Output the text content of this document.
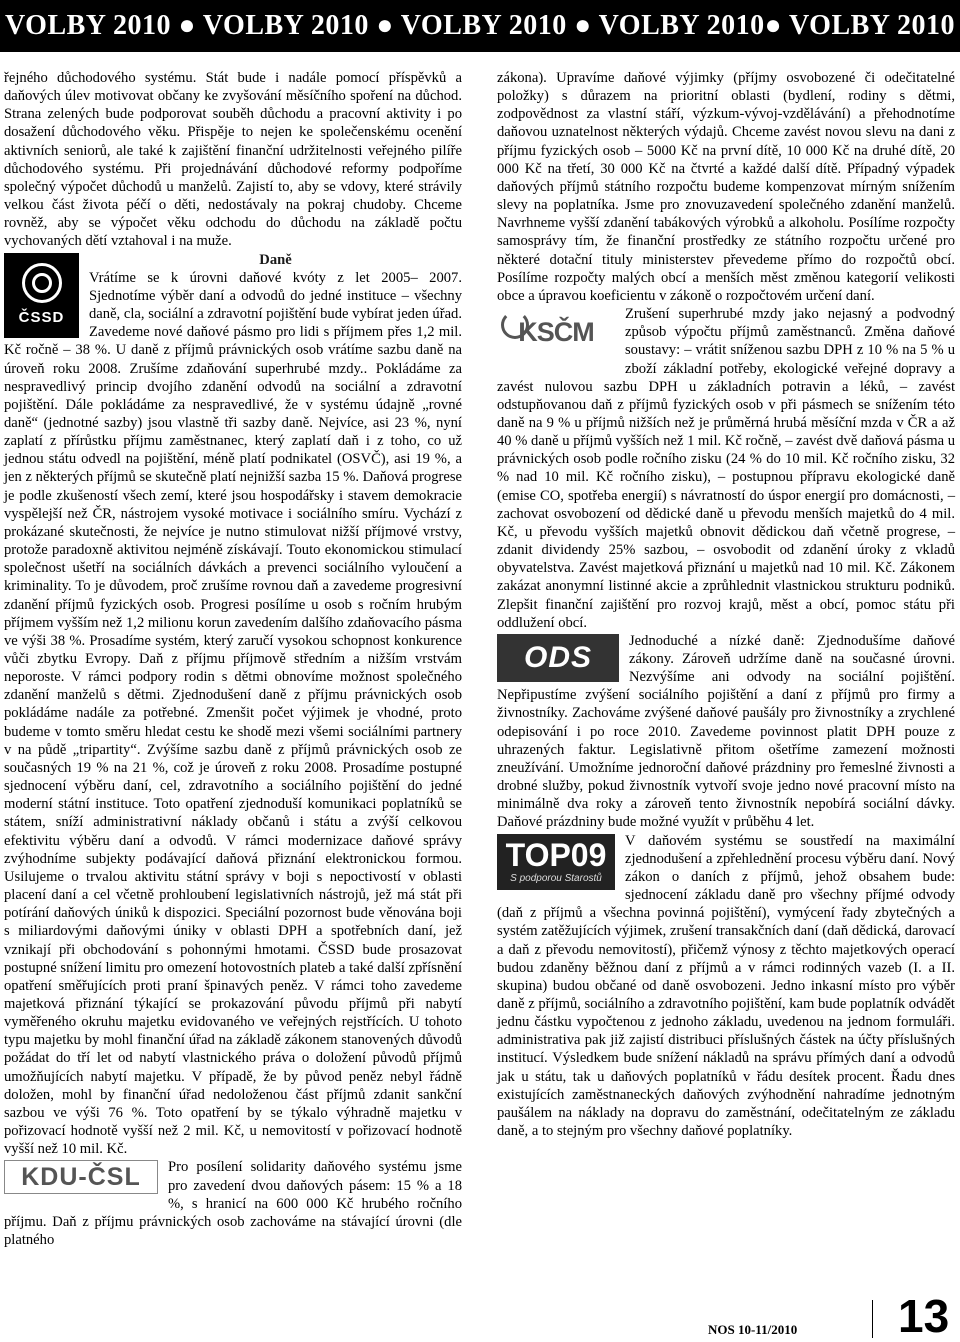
VOLBY 2010 ● VOLBY 2010 ● VOLBY 2010 ● VOLBY 2010● VOLBY 2010

řejného důchodového systému. Stát bude i nadále pomocí příspěvků a daňových úlev motivovat občany ke zvyšování měsíčního spoření na důchod. Strana zelených bude podporovat souběh důchodu a pracovní aktivity i po dosažení důchodového věku. Přispěje to nejen ke společenskému ocenění aktivních seniorů, ale také k zajištění finanční udržitelnosti veřejného pilíře důchodového systému. Při projednávání důchodové reformy podpoříme společný výpočet důchodů u manželů. Zajistí to, aby se vdovy, které strávily velkou část života péčí o děti, nedostávaly na pokraj chudoby. Chceme rovněž, aby se výpočet věku odchodu do důchodu na základě počtu vychovaných dětí vztahoval i na muže.

ČSSD

Daně

Vrátíme se k úrovni daňové kvóty z let 2005– 2007. Sjednotíme výběr daní a odvodů do jedné instituce – všechny daně, cla, sociální a zdravotní pojištění bude vybírat jeden úřad. Zavedeme nové daňové pásmo pro lidi s příjmem přes 1,2 mil. Kč ročně – 38 %. U daně z příjmů právnických osob vrátíme sazbu daně na úroveň roku 2008. Zrušíme zdaňování superhrubé mzdy.. Pokládáme za nespravedlivý princip dvojího zdanění odvodů na sociální a zdravotní pojištění. Dále pokládáme za nespravedlivé, že v systému údajně „rovné daně“ (jednotné sazby) jsou vlastně tři sazby daně. Nejvíce, asi 23 %, nyní zaplatí z přírůstku příjmu zaměstnanec, který zaplatí daň i z toho, co už jednou státu odvedl na pojištění, méně platí podnikatel (OSVČ), asi 19 %, a jen z některých příjmů se skutečně platí nejnižší sazba 15 %. Daňová progrese je podle zkušeností všech zemí, které jsou hospodářsky i stavem demokracie vyspělejší než ČR, nástrojem vysoké motivace i sociálního smíru. Vychází z prokázané skutečnosti, že nejvíce je nutno stimulovat nižší příjmové vrstvy, protože paradoxně aktivitou nejméně získávají. Touto ekonomickou stimulací společnost ušetří na sociálních dávkách a prevenci sociálního vyloučení a kriminality. To je důvodem, proč zrušíme rovnou daň a zavedeme progresivní zdanění příjmů fyzických osob. Progresi posílíme u osob s ročním hrubým příjmem vyšším než 1,2 milionu korun zavedením dalšího zdaňovacího pásma ve výši 38 %. Prosadíme systém, který zaručí vysokou schopnost konkurence vůči zbytku Evropy. Daň z příjmu příjmově středním a nižším vrstvám neporoste. V rámci podpory rodin s dětmi obnovíme možnost společného zdanění manželů s dětmi. Zjednodušení daně z příjmu právnických osob pokládáme nadále za potřebné. Zmenšit počet výjimek je vhodné, proto budeme v tomto směru hledat cestu ke shodě mezi všemi sociálními partnery v na půdě „tripartity“. Zvýšíme sazbu daně z příjmů právnických osob ze současných 19 % na 21 %, což je úroveň z roku 2008. Prosadíme postupné sjednocení výběru daní, cel, zdravotního a sociálního pojištění do jedné moderní státní instituce. Toto opatření zjednoduší komunikaci poplatníků se státem, sníží administrativní náklady občanů i státu a zvýší celkovou efektivitu výběru daní a odvodů. V rámci modernizace daňové správy zvýhodníme subjekty podávající daňová přiznání elektronickou formou. Usilujeme o trvalou aktivitu státní správy v boji s nepoctivostí v oblasti placení daní a cel včetně prohloubení legislativních nástrojů, jež má stát při potírání daňových úniků k dispozici. Speciální pozornost bude věnována boji s miliardovými daňovými úniky v oblasti DPH a spotřebních daní, jež vznikají při obchodování s pohonnými hmotami. ČSSD bude prosazovat postupné snížení limitu pro omezení hotovostních plateb a také další zpřísnění opatření směřujících proti praní špinavých peněz. V rámci toho zavedeme majetková přiznání týkající se prokazování původu příjmů při nabytí vyměřeného okruhu majetku evidovaného ve veřejných rejstřících. U tohoto typu majetku by mohl finanční úřad na základě zákonem stanovených důvodů požádat do tří let od nabytí vlastnického práva o doložení původů příjmů umožňujících nabytí majetku. V případě, že by původ peněz nebyl řádně doložen, mohl by finanční úřad nedoloženou část příjmů zdanit sankční sazbou ve výši 76 %. Toto opatření by se týkalo výhradně majetku v pořizovací hodnotě vyšší než 2 mil. Kč, u nemovitostí v pořizovací hodnotě vyšší než 10 mil. Kč.

KDU-ČSL	Pro posílení solidarity daňového systému jsme pro zavedení dvou daňových pásem: 15 % a 18 %, s hranicí na 600 000 Kč hrubého ročního příjmu. Daň z příjmu právnických osob zachováme na stávající úrovni (dle platného

zákona). Upravíme daňové výjimky (příjmy osvobozené či odečitatelné položky) s důrazem na prioritní oblasti (bydlení, rodiny s dětmi, zodpovědnost za vlastní stáří, výzkum-vývoj-vzdělávání) a přehodnotíme daňovou uznatelnost některých výdajů. Chceme zavést novou slevu na dani z příjmu fyzických osob – 5000 Kč na první dítě, 10 000 Kč na druhé dítě, 20 000 Kč na třetí, 30 000 Kč na čtvrté a každé další dítě. Případný výpadek daňových příjmů státního rozpočtu budeme kompenzovat mírným snížením slevy na poplatníka. Jsme pro znovuzavedení společného zdanění manželů. Navrhneme vyšší zdanění tabákových výrobků a alkoholu. Posílíme rozpočty samosprávy tím, že finanční prostředky ze státního rozpočtu určené pro některé dotační tituly ministerstev převedeme přímo do rozpočtů obcí. Posílíme rozpočty malých obcí a menších měst změnou kategorií velikosti obce a úpravou koeficientu v zákoně o rozpočtovém určení daní.

KSČM

Zrušení superhrubé mzdy jako nejasný a podvodný způsob výpočtu příjmů zaměstnanců. Změna daňové soustavy: – vrátit sníženou sazbu DPH z 10 % na 5 % u zboží základní potřeby, ekologické veřejné dopravy a zavést nulovou sazbu DPH u základních potravin a léků, – zavést odstupňovanou daň z příjmů fyzických osob v při pásmech se snížením této daně na 9 % u příjmů nižších než je průměrná hrubá měsíční mzda v ČR a až 40 % daně u příjmů vyšších než 1 mil. Kč ročně, – zavést dvě daňová pásma u právnických osob podle ročního zisku (24 % do 10 mil. Kč ročního zisku, 32 % nad 10 mil. Kč ročního zisku), – postupnou přípravu ekologické daně (emise CO, spotřeba energií) s návratností do úspor energií pro domácnosti, – zachovat osvobození od dědické daně u převodu menších majetků do 4 mil. Kč, u převodu vyšších majetků obnovit dědickou daň včetně progrese, – zdanit dividendy 25% sazbou, – osvobodit od zdanění úroky z vkladů obyvatelstva. Zavést majetková přiznání u majetků nad 10 mil. Kč. Zákonem zakázat anonymní listinné akcie a zprůhlednit vlastnickou strukturu podniků. Zlepšit finanční zajištění pro rozvoj krajů, měst a obcí, pomoc státu při oddlužení obcí.

ODS	Jednoduché a nízké daně: Zjednodušíme daňové zákony. Zároveň udržíme daně na současné úrovni. Nezvýšíme ani odvody na sociální pojištění. Nepřipustíme zvýšení sociálního pojištění a daní z příjmů pro firmy a živnostníky. Zachováme zvýšené daňové paušály pro živnostníky a zrychlené odepisování i po roce 2010. Zavedeme povinnost platit DPH pouze z uhrazených faktur. Legislativně přitom ošetříme zamezení možnosti zneužívání. Umožníme jednoroční daňové prázdniny pro řemeslné živnosti a drobné služby, pokud živnostník vytvoří svoje jedno nové pracovní místo na minimálně dva roky a zároveň tento živnostník nepobírá sociální dávky. Daňové prázdniny bude možné využít v průběhu 4 let.

TOP09
S podporou Starostů

V daňovém systému se soustředí na maximální zjednodušení a zpřehlednění procesu výběru daní. Nový zákon o daních z příjmů, jehož obsahem bude: sjednocení základu daně pro všechny příjmé odvody (daň z příjmů a všechna povinná pojištění), vymýcení řady zbytečných a systém zatěžujících výjimek, zrušení transakčních daní (daň dědická, darovací a daň z převodu nemovitostí), přičemž výnosy z těchto majetkových operací budou zdaněny běžnou daní z příjmů a v rámci rodinných vazeb (I. a II. skupina) budou občané od daně osvobozeni. Jedno inkasní místo pro výběr daně z příjmů, sociálního a zdravotního pojištění, kam bude poplatník odvádět jednu částku vypočtenou z jednoho základu, uvedenou na jednom formuláři. administrativa pak již zajistí distribuci příslušných částek na účty příslušných institucí. Výsledkem bude snížení nákladů na správu přímých daní a odvodů jak u státu, tak u daňových poplatníků v řádu desítek procent. Řadu dnes existujících zaměstnaneckých daňových zvýhodnění nahradíme jednotným paušálem na náklady na dopravu do zaměstnání, odečitatelným ze základu daně, a to stejným pro všechny daňové poplatníky.

NOS 10-11/2010 13
